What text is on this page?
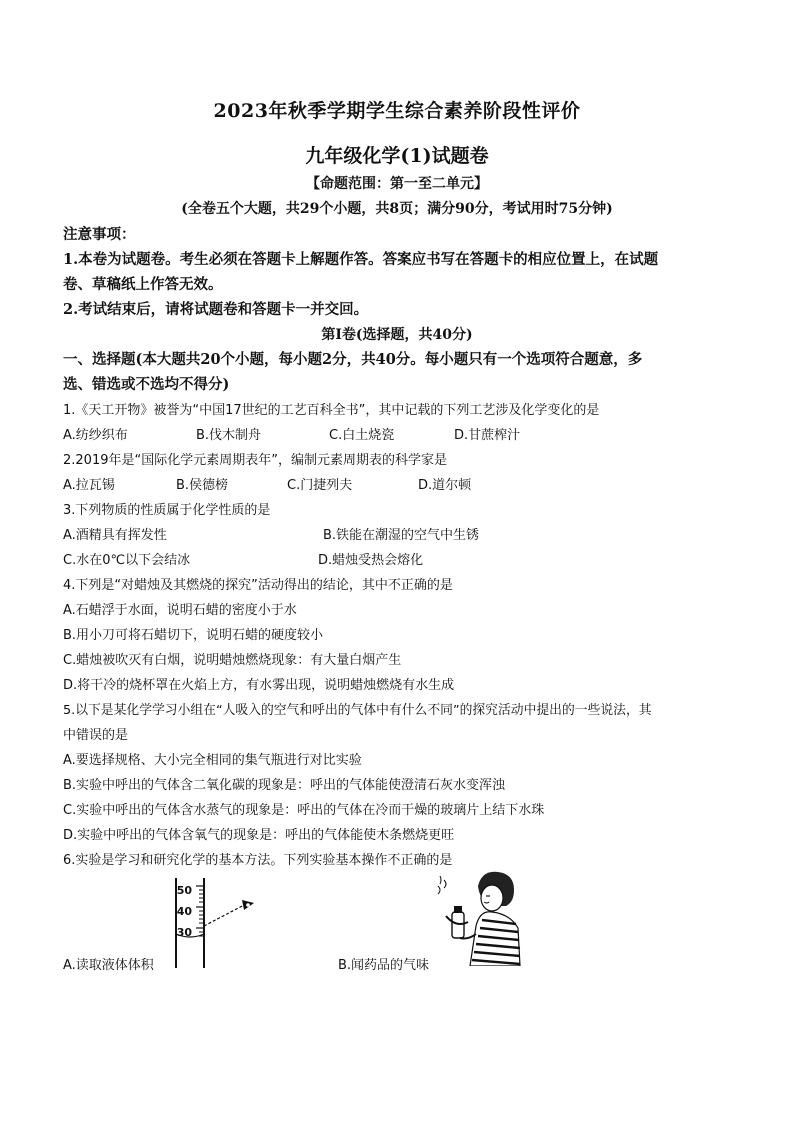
2023年秋季学期学生综合素养阶段性评价
九年级化学(1)试题卷
【命题范围：第一至二单元】
(全卷五个大题，共29个小题，共8页；满分90分，考试用时75分钟)
注意事项：
1.本卷为试题卷。考生必须在答题卡上解题作答。答案应书写在答题卡的相应位置上，在试题
卷、草稿纸上作答无效。
2.考试结束后，请将试题卷和答题卡一并交回。
第Ⅰ卷(选择题，共40分)
一、选择题(本大题共20个小题，每小题2分，共40分。每小题只有一个选项符合题意，多
选、错选或不选均不得分)
1.《天工开物》被誉为“中国17世纪的工艺百科全书”，其中记载的下列工艺涉及化学变化的是
A.纺纱织布	B.伐木制舟	C.白土烧瓷	D.甘蔗榨汁
2.2019年是“国际化学元素周期表年”，编制元素周期表的科学家是
A.拉瓦锡	B.侯德榜	C.门捷列夫	D.道尔顿
3.下列物质的性质属于化学性质的是
A.酒精具有挥发性	B.铁能在潮湿的空气中生锈
C.水在0℃以下会结冰	D.蜡烛受热会熔化
4.下列是“对蜡烛及其燃烧的探究”活动得出的结论，其中不正确的是
A.石蜡浮于水面，说明石蜡的密度小于水
B.用小刀可将石蜡切下，说明石蜡的硬度较小
C.蜡烛被吹灭有白烟，说明蜡烛燃烧现象：有大量白烟产生
D.将干冷的烧杯罩在火焰上方，有水雾出现，说明蜡烛燃烧有水生成
5.以下是某化学学习小组在“人吸入的空气和呼出的气体中有什么不同”的探究活动中提出的一些说法，其
中错误的是
A.要选择规格、大小完全相同的集气瓶进行对比实验
B.实验中呼出的气体含二氧化碳的现象是：呼出的气体能使澄清石灰水变浑浊
C.实验中呼出的气体含水蒸气的现象是：呼出的气体在冷而干燥的玻璃片上结下水珠
D.实验中呼出的气体含氧气的现象是：呼出的气体能使木条燃烧更旺
6.实验是学习和研究化学的基本方法。下列实验基本操作不正确的是
50
40
30
A.读取液体体积	B.闻药品的气味
